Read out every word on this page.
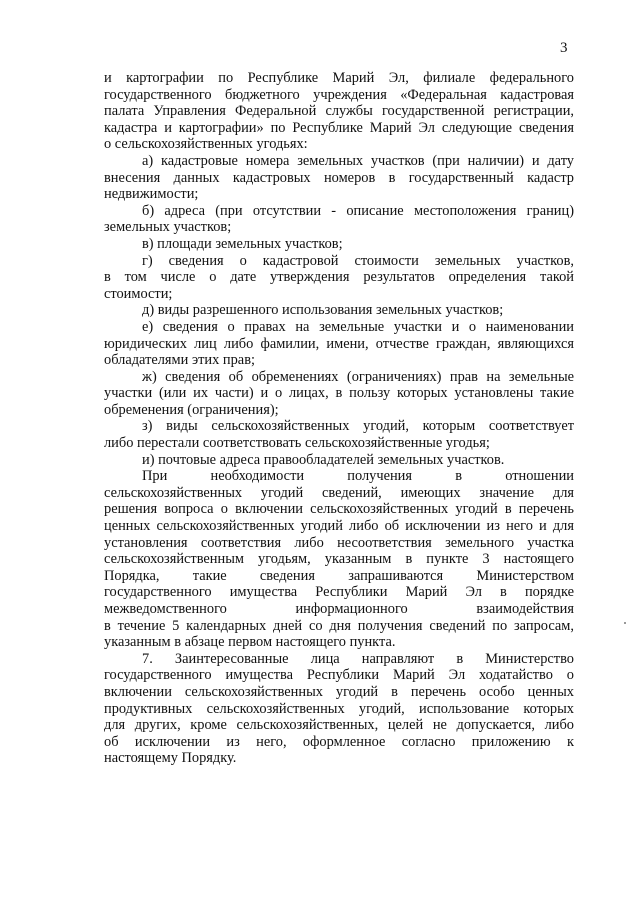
3
и картографии по Республике Марий Эл, филиале федерального
государственного бюджетного учреждения «Федеральная кадастровая
палата Управления Федеральной службы государственной регистрации,
кадастра и картографии» по Республике Марий Эл следующие сведения
о сельскохозяйственных угодьях:
а) кадастровые номера земельных участков (при наличии) и дату
внесения данных кадастровых номеров в государственный кадастр
недвижимости;
б) адреса (при отсутствии - описание местоположения границ)
земельных участков;
в) площади земельных участков;
г) сведения о кадастровой стоимости земельных участков,
в том числе о дате утверждения результатов определения такой
стоимости;
д) виды разрешенного использования земельных участков;
е) сведения о правах на земельные участки и о наименовании
юридических лиц либо фамилии, имени, отчестве граждан, являющихся
обладателями этих прав;
ж) сведения об обременениях (ограничениях) прав на земельные
участки (или их части) и о лицах, в пользу которых установлены такие
обременения (ограничения);
з) виды сельскохозяйственных угодий, которым соответствует
либо перестали соответствовать сельскохозяйственные угодья;
и) почтовые адреса правообладателей земельных участков.
При необходимости получения в отношении
сельскохозяйственных угодий сведений, имеющих значение для
решения вопроса о включении сельскохозяйственных угодий в перечень
ценных сельскохозяйственных угодий либо об исключении из него и для
установления соответствия либо несоответствия земельного участка
сельскохозяйственным угодьям, указанным в пункте 3 настоящего
Порядка, такие сведения запрашиваются Министерством
государственного имущества Республики Марий Эл в порядке
межведомственного информационного взаимодействия
в течение 5 календарных дней со дня получения сведений по запросам,
указанным в абзаце первом настоящего пункта.
7. Заинтересованные лица направляют в Министерство
государственного имущества Республики Марий Эл ходатайство о
включении сельскохозяйственных угодий в перечень особо ценных
продуктивных сельскохозяйственных угодий, использование которых
для других, кроме сельскохозяйственных, целей не допускается, либо
об исключении из него, оформленное согласно приложению к
настоящему Порядку.
